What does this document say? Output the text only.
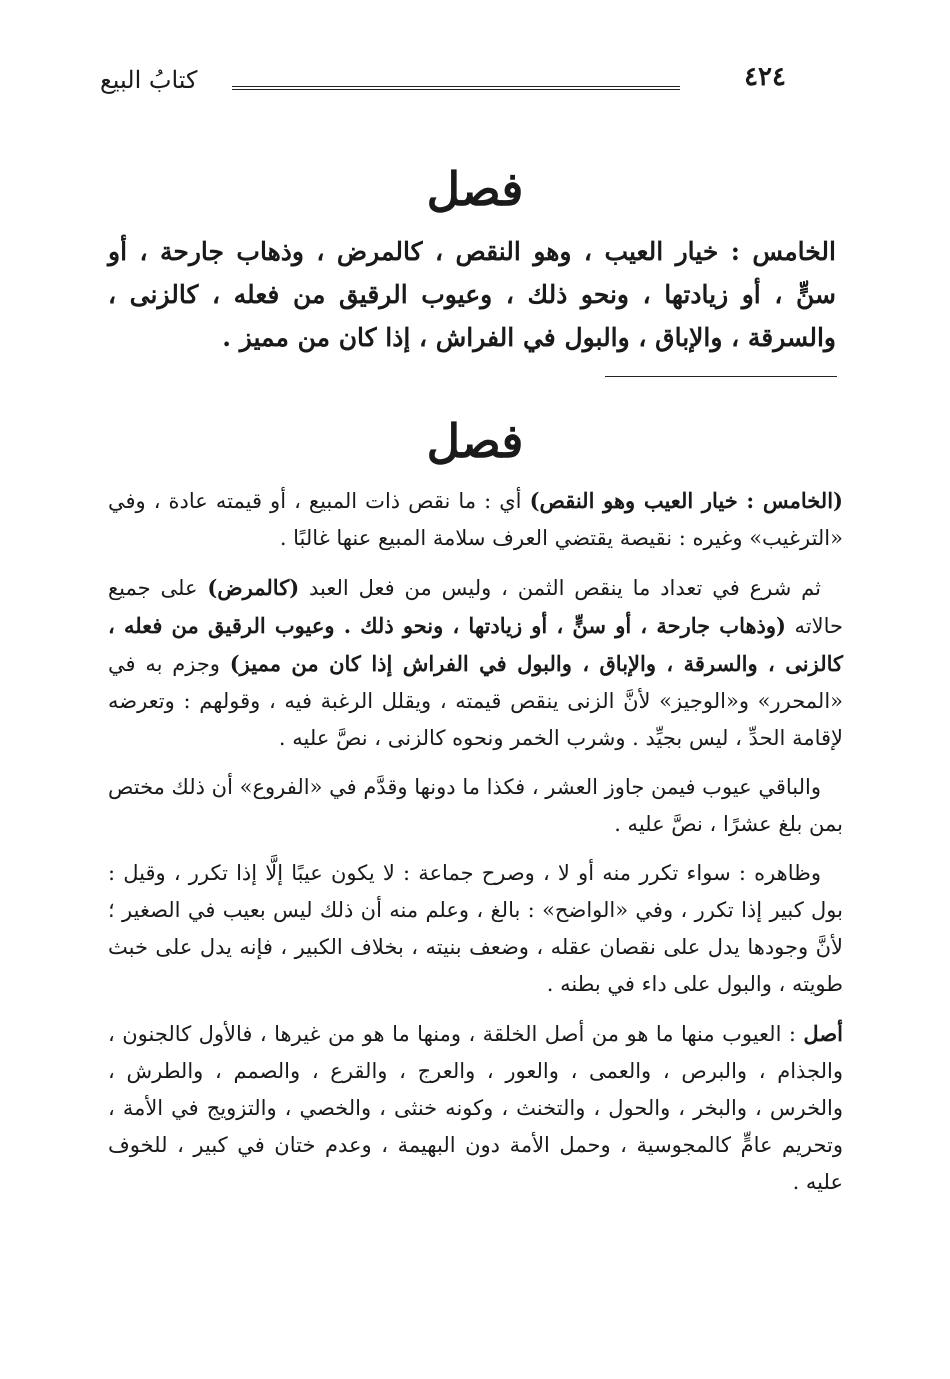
كتابُ البيع	٤٢٤
فصل
الخامس : خيار العيب ، وهو النقص ، كالمرض ، وذهاب جارحة ، أو سنٍّ ، أو زيادتها ، ونحو ذلك ، وعيوب الرقيق من فعله ، كالزنى ، والسرقة ، والإباق ، والبول في الفراش ، إذا كان من مميز .
فصل

(الخامس : خيار العيب وهو النقص) أي : ما نقص ذات المبيع ، أو قيمته عادة ، وفي «الترغيب» وغيره : نقيصة يقتضي العرف سلامة المبيع عنها غالبًا .

ثم شرع في تعداد ما ينقص الثمن ، وليس من فعل العبد (كالمرض) على جميع حالاته (وذهاب جارحة ، أو سنٍّ ، أو زيادتها ، ونحو ذلك . وعيوب الرقيق من فعله ، كالزنى ، والسرقة ، والإباق ، والبول في الفراش إذا كان من مميز) وجزم به في «المحرر» و«الوجيز» لأنَّ الزنى ينقص قيمته ، ويقلل الرغبة فيه ، وقولهم : وتعرضه لإقامة الحدِّ ، ليس بجيِّد . وشرب الخمر ونحوه كالزنى ، نصَّ عليه .

والباقي عيوب فيمن جاوز العشر ، فكذا ما دونها وقدَّم في «الفروع» أن ذلك مختص بمن بلغ عشرًا ، نصَّ عليه .

وظاهره : سواء تكرر منه أو لا ، وصرح جماعة : لا يكون عيبًا إلَّا إذا تكرر ، وقيل : بول كبير إذا تكرر ، وفي «الواضح» : بالغ ، وعلم منه أن ذلك ليس بعيب في الصغير ؛ لأنَّ وجودها يدل على نقصان عقله ، وضعف بنيته ، بخلاف الكبير ، فإنه يدل على خبث طويته ، والبول على داء في بطنه .

أصل : العيوب منها ما هو من أصل الخلقة ، ومنها ما هو من غيرها ، فالأول كالجنون ، والجذام ، والبرص ، والعمى ، والعور ، والعرج ، والقرع ، والصمم ، والطرش ، والخرس ، والبخر ، والحول ، والتخنث ، وكونه خنثى ، والخصي ، والتزويج في الأمة ، وتحريم عامٍّ كالمجوسية ، وحمل الأمة دون البهيمة ، وعدم ختان في كبير ، للخوف عليه .
